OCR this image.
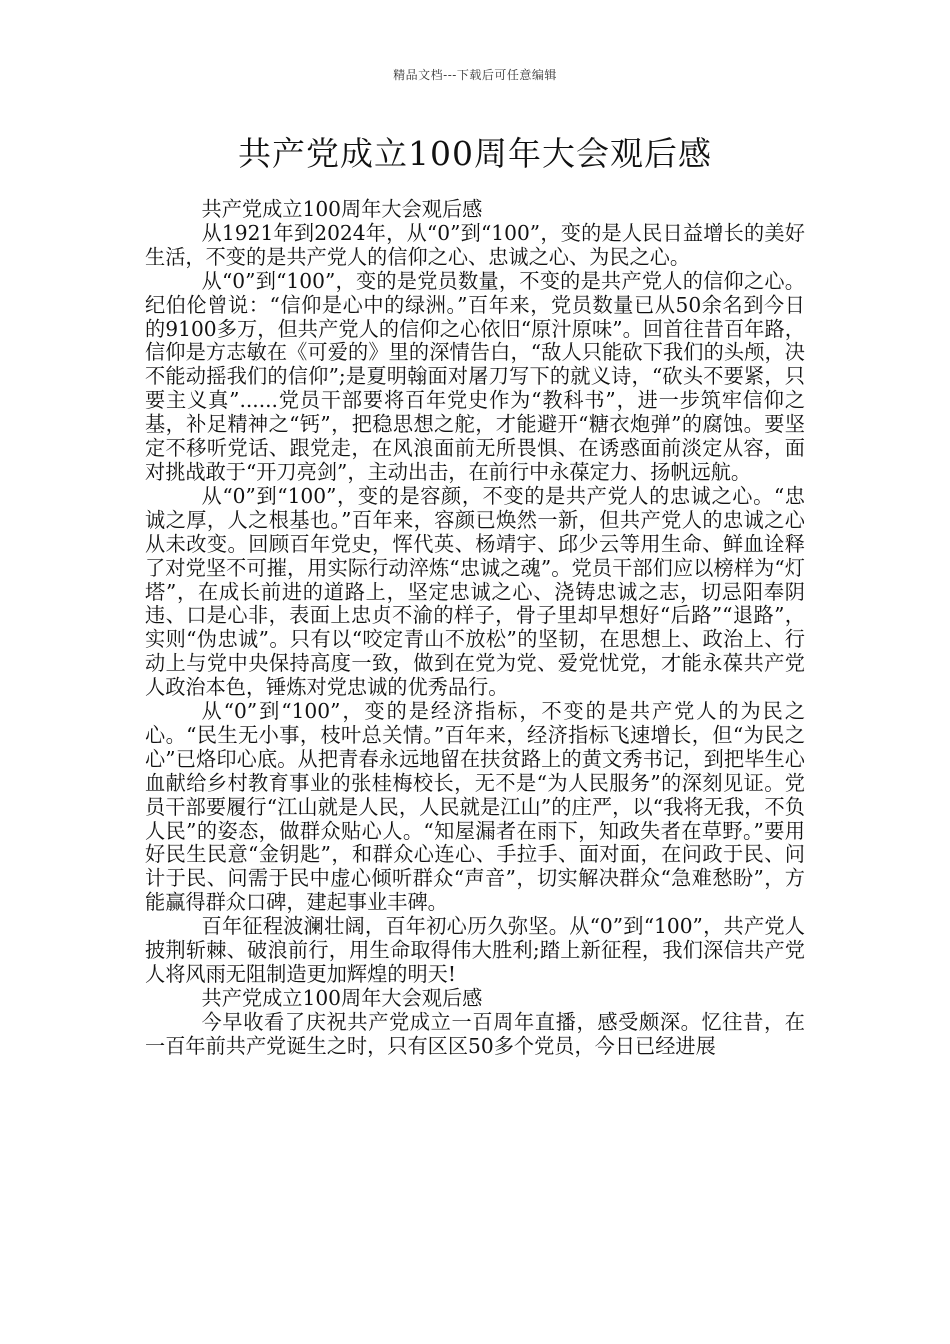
精品文档---下载后可任意编辑
共产党成立100周年大会观后感

共产党成立100周年大会观后感

从1921年到2024年，从“0”到“100”，变的是人民日益增长的美好生活，不变的是共产党人的信仰之心、忠诚之心、为民之心。

从“0”到“100”，变的是党员数量，不变的是共产党人的信仰之心。纪伯伦曾说：“信仰是心中的绿洲。”百年来，党员数量已从50余名到今日的9100多万，但共产党人的信仰之心依旧“原汁原味”。回首往昔百年路，信仰是方志敏在《可爱的》里的深情告白，“敌人只能砍下我们的头颅，决不能动摇我们的信仰”;是夏明翰面对屠刀写下的就义诗，“砍头不要紧，只要主义真”......党员干部要将百年党史作为“教科书”，进一步筑牢信仰之基，补足精神之“钙”，把稳思想之舵，才能避开“糖衣炮弹”的腐蚀。要坚定不移听党话、跟党走，在风浪面前无所畏惧、在诱惑面前淡定从容，面对挑战敢于“开刀亮剑”，主动出击，在前行中永葆定力、扬帆远航。

从“0”到“100”，变的是容颜，不变的是共产党人的忠诚之心。“忠诚之厚，人之根基也。”百年来，容颜已焕然一新，但共产党人的忠诚之心从未改变。回顾百年党史，恽代英、杨靖宇、邱少云等用生命、鲜血诠释了对党坚不可摧，用实际行动淬炼“忠诚之魂”。党员干部们应以榜样为“灯塔”，在成长前进的道路上，坚定忠诚之心、浇铸忠诚之志，切忌阳奉阴违、口是心非，表面上忠贞不渝的样子，骨子里却早想好“后路”“退路”，实则“伪忠诚”。只有以“咬定青山不放松”的坚韧，在思想上、政治上、行动上与党中央保持高度一致，做到在党为党、爱党忧党，才能永葆共产党人政治本色，锤炼对党忠诚的优秀品行。

从“0”到“100”，变的是经济指标，不变的是共产党人的为民之心。“民生无小事，枝叶总关情。”百年来，经济指标飞速增长，但“为民之心”已烙印心底。从把青春永远地留在扶贫路上的黄文秀书记，到把毕生心血献给乡村教育事业的张桂梅校长，无不是“为人民服务”的深刻见证。党员干部要履行“江山就是人民，人民就是江山”的庄严，以“我将无我，不负人民”的姿态，做群众贴心人。“知屋漏者在雨下，知政失者在草野。”要用好民生民意“金钥匙”，和群众心连心、手拉手、面对面，在问政于民、问计于民、问需于民中虚心倾听群众“声音”，切实解决群众“急难愁盼”，方能赢得群众口碑，建起事业丰碑。

百年征程波澜壮阔，百年初心历久弥坚。从“0”到“100”，共产党人披荆斩棘、破浪前行，用生命取得伟大胜利;踏上新征程，我们深信共产党人将风雨无阻制造更加辉煌的明天!

共产党成立100周年大会观后感

今早收看了庆祝共产党成立一百周年直播，感受颇深。忆往昔，在一百年前共产党诞生之时，只有区区50多个党员，今日已经进展
